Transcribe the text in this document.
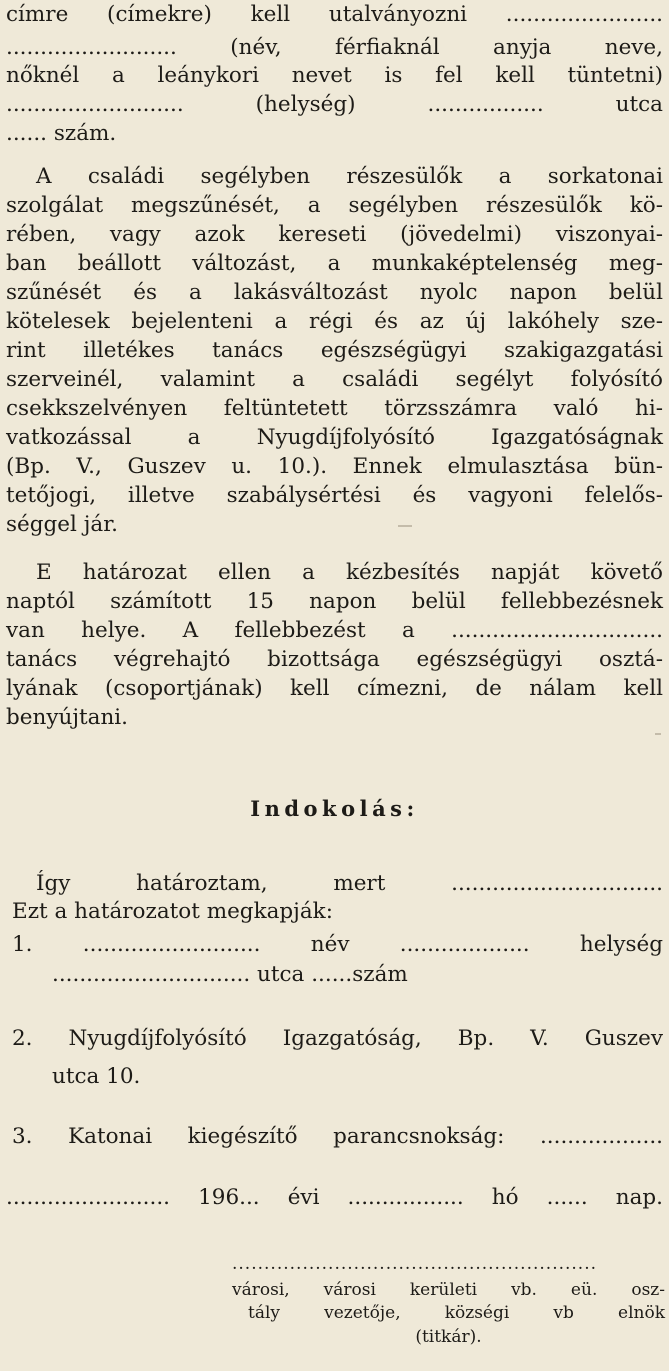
címre (címekre) kell utalványozni .......................
......................... (név, férfiaknál anyja neve,
nőknél a leánykori nevet is fel kell tüntetni)
.......................... (helység) ................. utca
...... szám.
A családi segélyben részesülők a sorkatonai
szolgálat megszűnését, a segélyben részesülők kö-
rében, vagy azok kereseti (jövedelmi) viszonyai-
ban beállott változást, a munkaképtelenség meg-
szűnését és a lakásváltozást nyolc napon belül
kötelesek bejelenteni a régi és az új lakóhely sze-
rint illetékes tanács egészségügyi szakigazgatási
szerveinél, valamint a családi segélyt folyósító
csekkszelvényen feltüntetett törzsszámra való hi-
vatkozással a Nyugdíjfolyósító Igazgatóságnak
(Bp. V., Guszev u. 10.). Ennek elmulasztása bün-
tetőjogi, illetve szabálysértési és vagyoni felelős-
séggel jár.
E határozat ellen a kézbesítés napját követő
naptól számított 15 napon belül fellebbezésnek
van helye. A fellebbezést a ...............................
tanács végrehajtó bizottsága egészségügyi osztá-
lyának (csoportjának) kell címezni, de nálam kell
benyújtani.
Indokolás:
Így határoztam, mert ...............................
Ezt a határozatot megkapják:
1. .......................... név ................... helység
............................. utca ......szám
2. Nyugdíjfolyósító Igazgatóság, Bp. V. Guszev
utca 10.
3. Katonai kiegészítő parancsnokság: ..................
........................ 196... évi ................. hó ...... nap.
.........................................................
városi, városi kerületi vb. eü. osz-
tály vezetője, községi vb elnök
(titkár).
